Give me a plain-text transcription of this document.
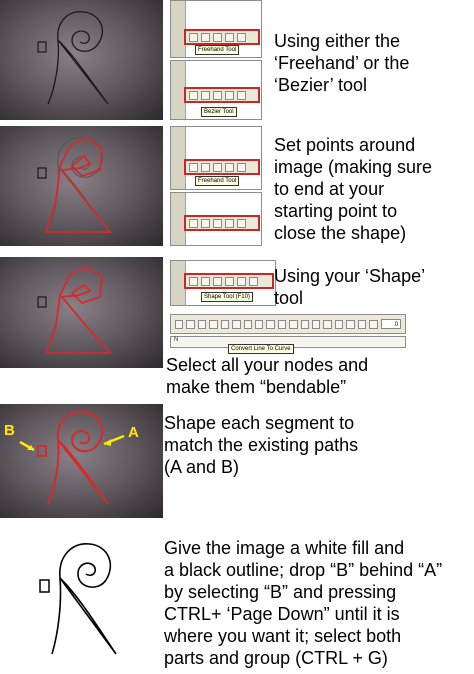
Freehand Tool
Bezier Tool
Using either the
‘Freehand’ or the
‘Bezier’ tool
Freehand Tool
Set points around
image (making sure
to end at your
starting point to
close the shape)
Shape Tool (F10)
Using your ‘Shape’
tool
0
N
Convert Line To Curve
Select all your nodes and
make them “bendable”
B	A Shape each segment to
match the existing paths
(A and B)
Give the image a white fill and
a black outline; drop “B” behind “A”
by selecting “B” and pressing
CTRL+ ‘Page Down” until it is
where you want it; select both
parts and group (CTRL + G)
